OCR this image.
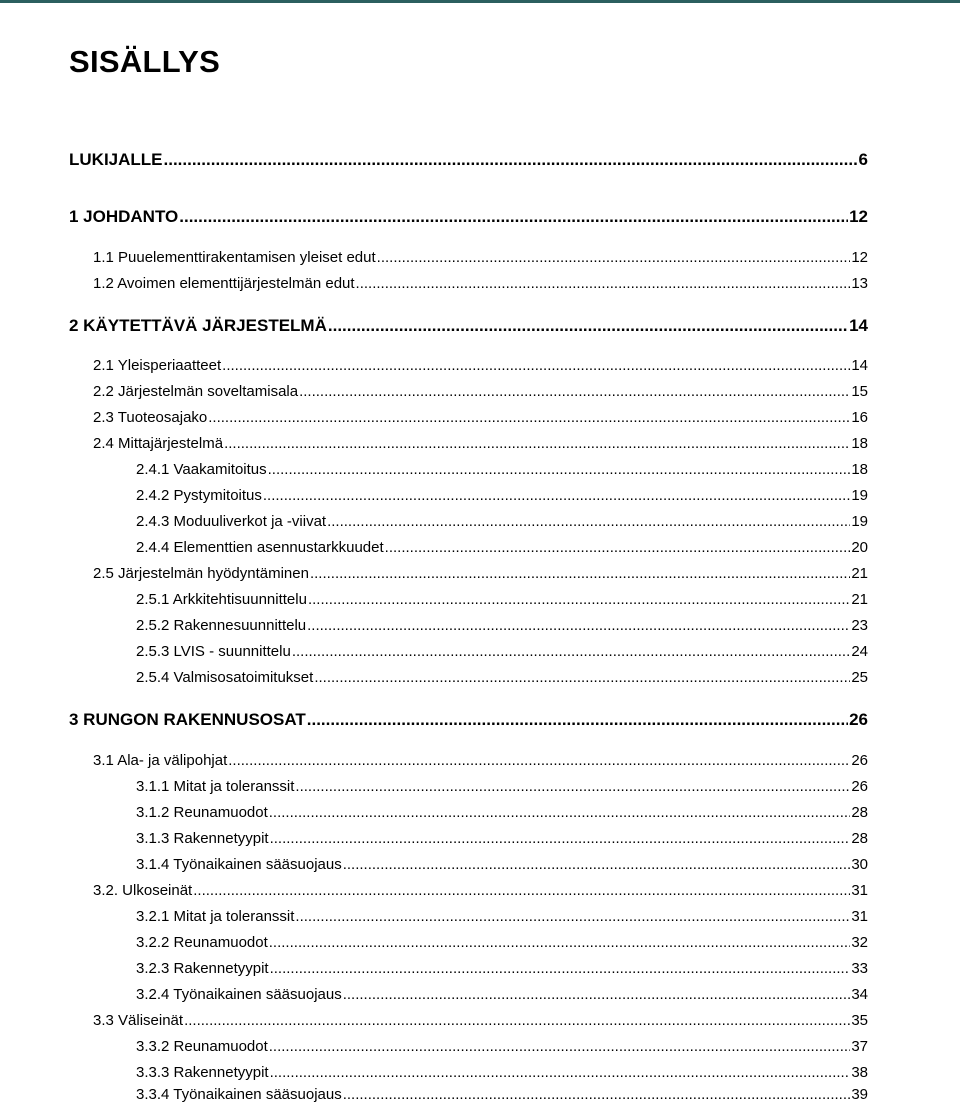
SISÄLLYS
LUKIJALLE .....	6
1 JOHDANTO .....	12
1.1 Puuelementtirakentamisen yleiset edut .....	12
1.2 Avoimen elementtijärjestelmän edut .....	13
2 KÄYTETTÄVÄ JÄRJESTELMÄ .....	14
2.1 Yleisperiaatteet .....	14
2.2 Järjestelmän soveltamisala .....	15
2.3 Tuoteosajako .....	16
2.4 Mittajärjestelmä .....	18
2.4.1 Vaakamitoitus .....	18
2.4.2 Pystymitoitus .....	19
2.4.3 Moduuliverkot ja -viivat .....	19
2.4.4 Elementtien asennustarkkuudet .....	20
2.5 Järjestelmän hyödyntäminen .....	21
2.5.1 Arkkitehtisuunnittelu .....	21
2.5.2 Rakennesuunnittelu .....	23
2.5.3 LVIS - suunnittelu .....	24
2.5.4 Valmisosatoimitukset .....	25
3 RUNGON RAKENNUSOSAT .....	26
3.1 Ala- ja välipohjat .....	26
3.1.1 Mitat ja toleranssit .....	26
3.1.2 Reunamuodot .....	28
3.1.3 Rakennetyypit .....	28
3.1.4 Työnaikainen sääsuojaus .....	30
3.2. Ulkoseinät .....	31
3.2.1 Mitat ja toleranssit .....	31
3.2.2 Reunamuodot .....	32
3.2.3 Rakennetyypit .....	33
3.2.4 Työnaikainen sääsuojaus .....	34
3.3 Väliseinät .....	35
3.3.2 Reunamuodot .....	37
3.3.3 Rakennetyypit .....	38
3.3.4 Työnaikainen sääsuojaus .....	39
